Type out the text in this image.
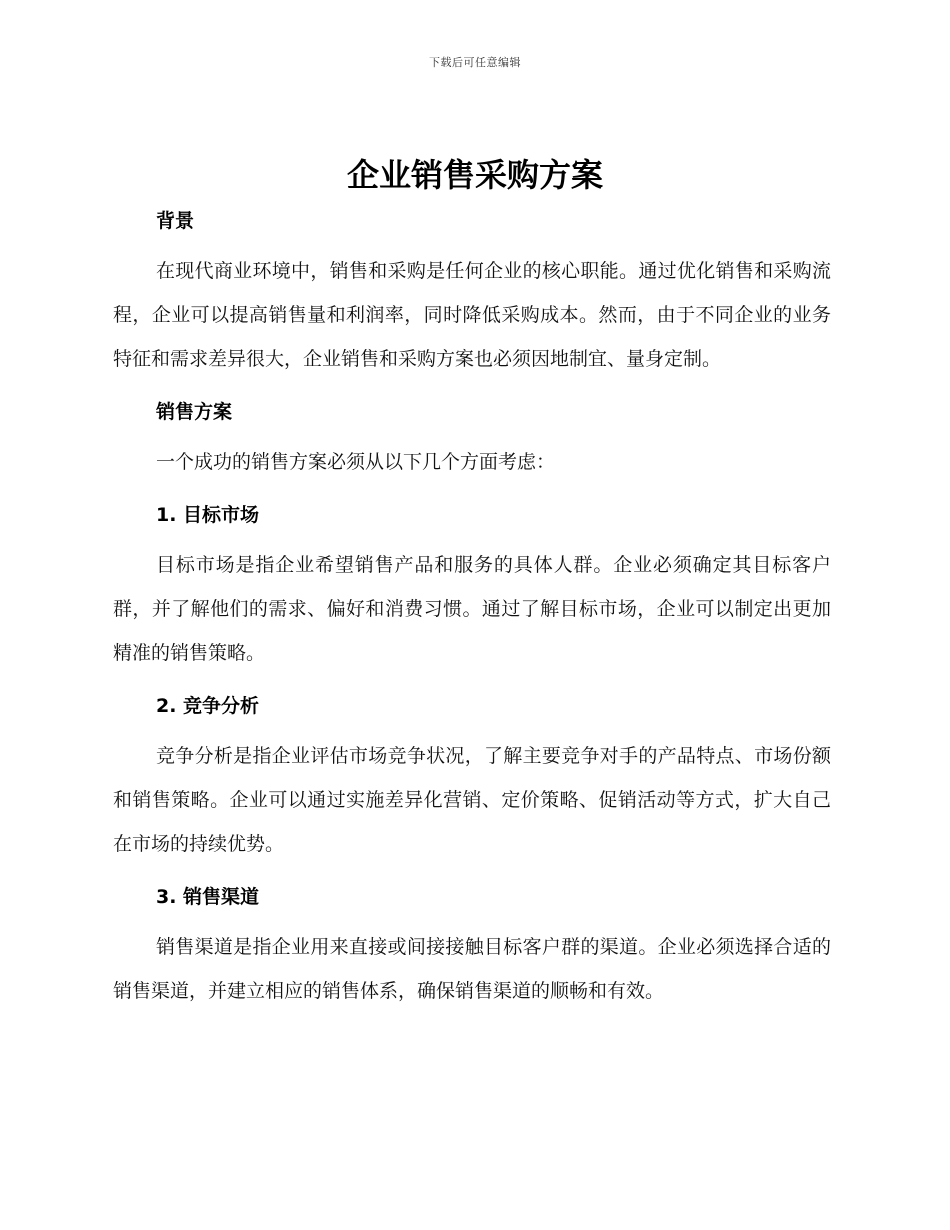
下载后可任意编辑
企业销售采购方案
背景

在现代商业环境中，销售和采购是任何企业的核心职能。通过优化销售和采购流程，企业可以提高销售量和利润率，同时降低采购成本。然而，由于不同企业的业务特征和需求差异很大，企业销售和采购方案也必须因地制宜、量身定制。

销售方案

一个成功的销售方案必须从以下几个方面考虑：

1. 目标市场

目标市场是指企业希望销售产品和服务的具体人群。企业必须确定其目标客户群，并了解他们的需求、偏好和消费习惯。通过了解目标市场，企业可以制定出更加精准的销售策略。

2. 竞争分析

竞争分析是指企业评估市场竞争状况，了解主要竞争对手的产品特点、市场份额和销售策略。企业可以通过实施差异化营销、定价策略、促销活动等方式，扩大自己在市场的持续优势。

3. 销售渠道

销售渠道是指企业用来直接或间接接触目标客户群的渠道。企业必须选择合适的销售渠道，并建立相应的销售体系，确保销售渠道的顺畅和有效。
